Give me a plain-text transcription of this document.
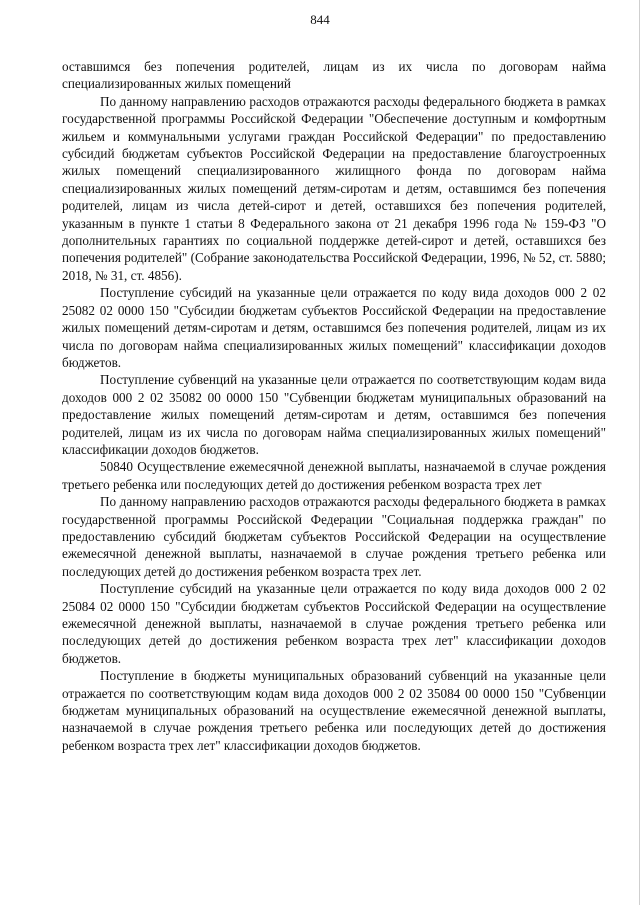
844

оставшимся без попечения родителей, лицам из их числа по договорам найма специализированных жилых помещений

По данному направлению расходов отражаются расходы федерального бюджета в рамках государственной программы Российской Федерации "Обеспечение доступным и комфортным жильем и коммунальными услугами граждан Российской Федерации" по предоставлению субсидий бюджетам субъектов Российской Федерации на предоставление благоустроенных жилых помещений специализированного жилищного фонда по договорам найма специализированных жилых помещений детям-сиротам и детям, оставшимся без попечения родителей, лицам из числа детей-сирот и детей, оставшихся без попечения родителей, указанным в пункте 1 статьи 8 Федерального закона от 21 декабря 1996 года № 159-ФЗ "О дополнительных гарантиях по социальной поддержке детей-сирот и детей, оставшихся без попечения родителей" (Собрание законодательства Российской Федерации, 1996, № 52, ст. 5880; 2018, № 31, ст. 4856).

Поступление субсидий на указанные цели отражается по коду вида доходов 000 2 02 25082 02 0000 150 "Субсидии бюджетам субъектов Российской Федерации на предоставление жилых помещений детям-сиротам и детям, оставшимся без попечения родителей, лицам из их числа по договорам найма специализированных жилых помещений" классификации доходов бюджетов.

Поступление субвенций на указанные цели отражается по соответствующим кодам вида доходов 000 2 02 35082 00 0000 150 "Субвенции бюджетам муниципальных образований на предоставление жилых помещений детям-сиротам и детям, оставшимся без попечения родителей, лицам из их числа по договорам найма специализированных жилых помещений" классификации доходов бюджетов.

50840 Осуществление ежемесячной денежной выплаты, назначаемой в случае рождения третьего ребенка или последующих детей до достижения ребенком возраста трех лет

По данному направлению расходов отражаются расходы федерального бюджета в рамках государственной программы Российской Федерации "Социальная поддержка граждан" по предоставлению субсидий бюджетам субъектов Российской Федерации на осуществление ежемесячной денежной выплаты, назначаемой в случае рождения третьего ребенка или последующих детей до достижения ребенком возраста трех лет.

Поступление субсидий на указанные цели отражается по коду вида доходов 000 2 02 25084 02 0000 150 "Субсидии бюджетам субъектов Российской Федерации на осуществление ежемесячной денежной выплаты, назначаемой в случае рождения третьего ребенка или последующих детей до достижения ребенком возраста трех лет" классификации доходов бюджетов.

Поступление в бюджеты муниципальных образований субвенций на указанные цели отражается по соответствующим кодам вида доходов 000 2 02 35084 00 0000 150 "Субвенции бюджетам муниципальных образований на осуществление ежемесячной денежной выплаты, назначаемой в случае рождения третьего ребенка или последующих детей до достижения ребенком возраста трех лет" классификации доходов бюджетов.
